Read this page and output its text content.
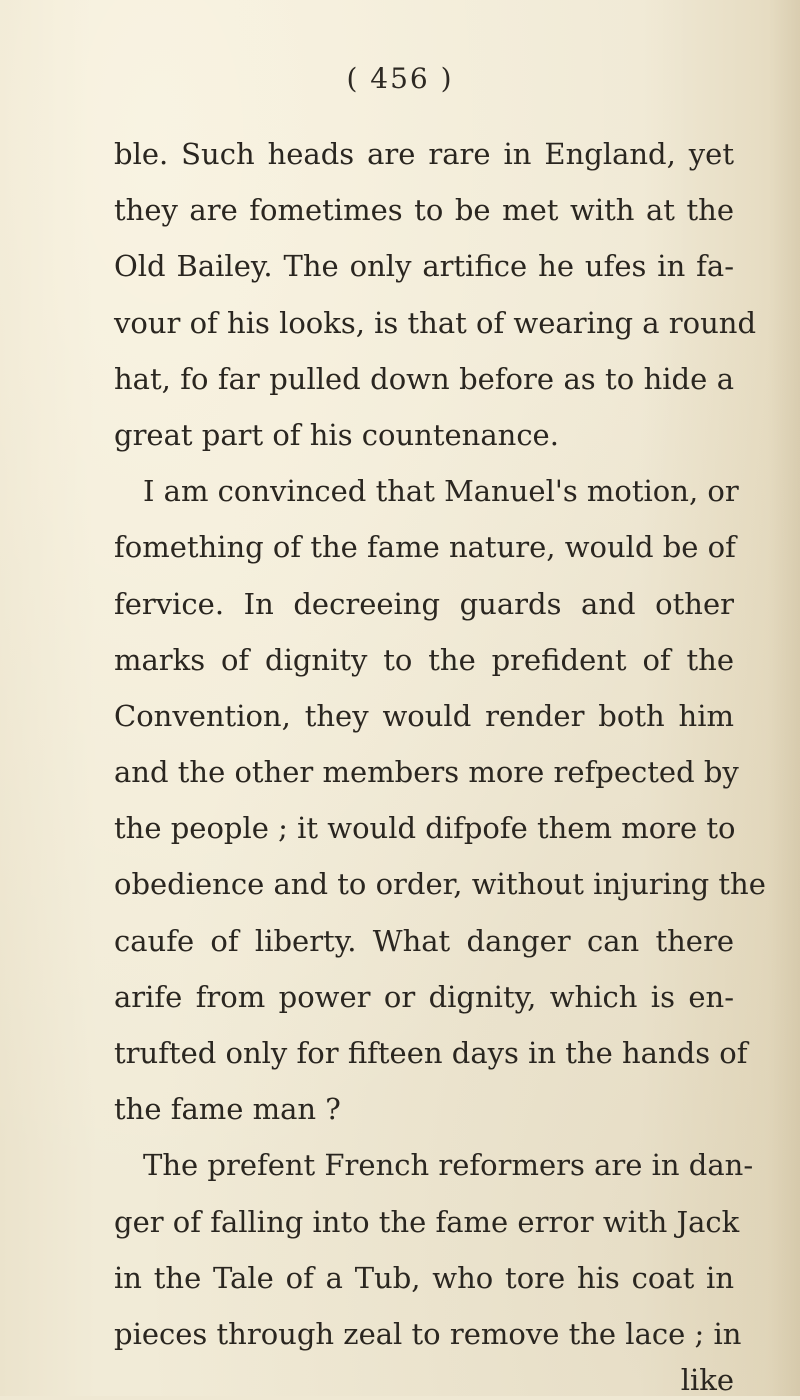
( 456 )
ble. Such heads are rare in England, yet
they are fometimes to be met with at the
Old Bailey. The only artifice he ufes in fa-
vour of his looks, is that of wearing a round
hat, fo far pulled down before as to hide a
great part of his countenance.
I am convinced that Manuel's motion, or
fomething of the fame nature, would be of
fervice. In decreeing guards and other
marks of dignity to the prefident of the
Convention, they would render both him
and the other members more refpected by
the people ; it would difpofe them more to
obedience and to order, without injuring the
caufe of liberty. What danger can there
arife from power or dignity, which is en-
trufted only for fifteen days in the hands of
the fame man ?
The prefent French reformers are in dan-
ger of falling into the fame error with Jack
in the Tale of a Tub, who tore his coat in
pieces through zeal to remove the lace ; in
like
